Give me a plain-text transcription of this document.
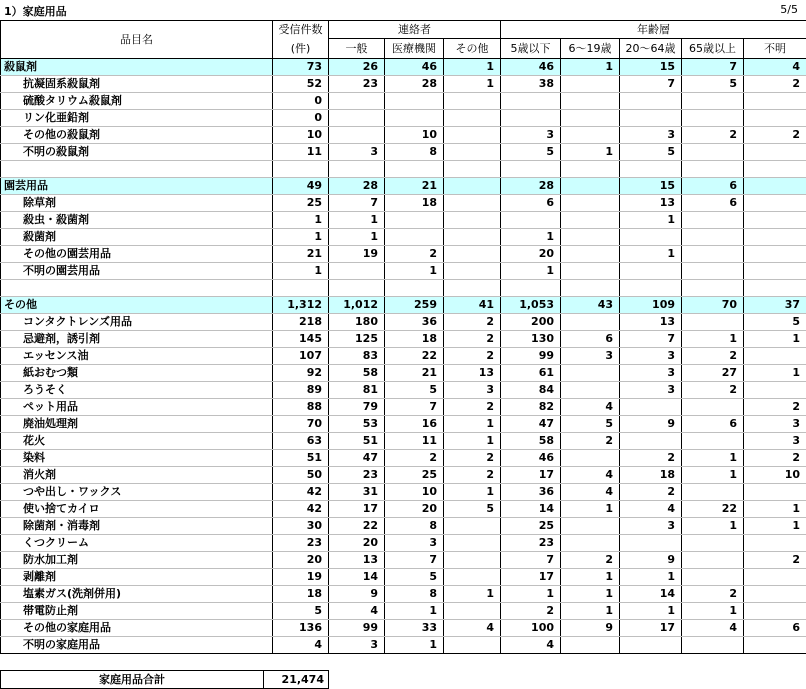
1）家庭用品	5/5
品目名	受信件数	連絡者			年齢層				
	(件)	一般	医療機関	その他	5歳以下	6～19歳	20～64歳	65歳以上	不明
殺鼠剤	73	26	46	1	46	1	15	7	4
抗凝固系殺鼠剤	52	23	28	1	38		7	5	2
硫酸タリウム殺鼠剤	0								
リン化亜鉛剤	0								
その他の殺鼠剤	10		10		3		3	2	2
不明の殺鼠剤	11	3	8		5	1	5		

園芸用品	49	28	21		28		15	6	
除草剤	25	7	18		6		13	6	
殺虫・殺菌剤	1	1					1		
殺菌剤	1	1			1				
その他の園芸用品	21	19	2		20		1		
不明の園芸用品	1		1		1				

その他	1,312	1,012	259	41	1,053	43	109	70	37
コンタクトレンズ用品	218	180	36	2	200		13		5
忌避剤，誘引剤	145	125	18	2	130	6	7	1	1
エッセンス油	107	83	22	2	99	3	3	2	
紙おむつ類	92	58	21	13	61		3	27	1
ろうそく	89	81	5	3	84		3	2	
ペット用品	88	79	7	2	82	4			2
廃油処理剤	70	53	16	1	47	5	9	6	3
花火	63	51	11	1	58	2			3
染料	51	47	2	2	46		2	1	2
消火剤	50	23	25	2	17	4	18	1	10
つや出し・ワックス	42	31	10	1	36	4	2		
使い捨てカイロ	42	17	20	5	14	1	4	22	1
除菌剤・消毒剤	30	22	8		25		3	1	1
くつクリーム	23	20	3		23				
防水加工剤	20	13	7		7	2	9		2
剥離剤	19	14	5		17	1	1		
塩素ガス(洗剤併用)	18	9	8	1	1	1	14	2	
帯電防止剤	5	4	1		2	1	1	1	
その他の家庭用品	136	99	33	4	100	9	17	4	6
不明の家庭用品	4	3	1		4				
家庭用品合計	21,474
